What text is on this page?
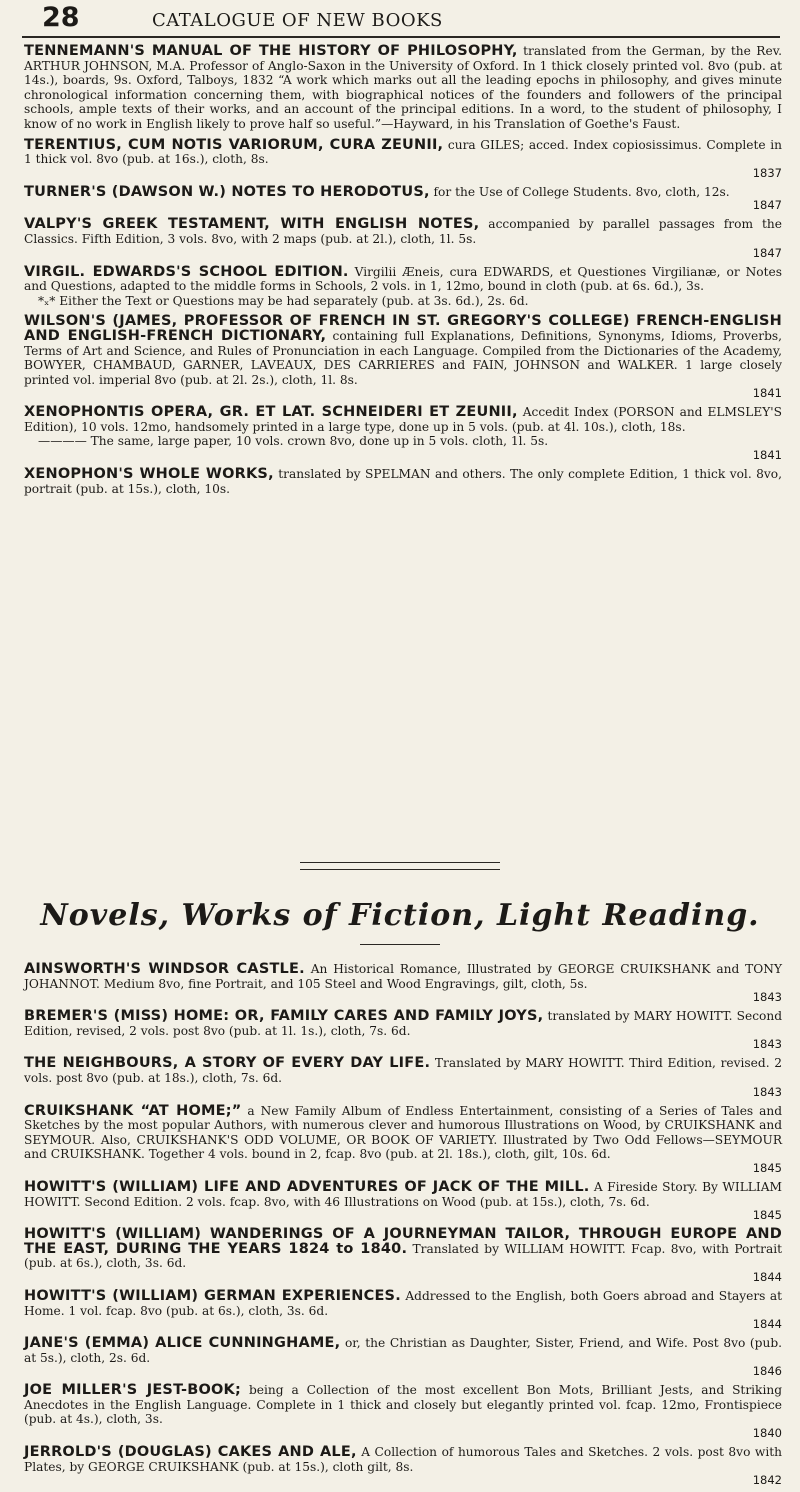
28	CATALOGUE OF NEW BOOKS

TENNEMANN'S MANUAL OF THE HISTORY OF PHILOSOPHY, translated from the German, by the Rev. ARTHUR JOHNSON, M.A. Professor of Anglo-Saxon in the University of Oxford. In 1 thick closely printed vol. 8vo (pub. at 14s.), boards, 9s. Oxford, Talboys, 1832 “A work which marks out all the leading epochs in philosophy, and gives minute chronological information concerning them, with biographical notices of the founders and followers of the principal schools, ample texts of their works, and an account of the principal editions. In a word, to the student of philosophy, I know of no work in English likely to prove half so useful.”—Hayward, in his Translation of Goethe's Faust.

TERENTIUS, CUM NOTIS VARIORUM, CURA ZEUNII, cura GILES; acced. Index copiosissimus. Complete in 1 thick vol. 8vo (pub. at 16s.), cloth, 8s.
1837

TURNER'S (DAWSON W.) NOTES TO HERODOTUS, for the Use of College Students. 8vo, cloth, 12s.
1847

VALPY'S GREEK TESTAMENT, WITH ENGLISH NOTES, accompanied by parallel passages from the Classics. Fifth Edition, 3 vols. 8vo, with 2 maps (pub. at 2l.), cloth, 1l. 5s.
1847

VIRGIL. EDWARDS'S SCHOOL EDITION. Virgilii Æneis, cura EDWARDS, et Questiones Virgilianæ, or Notes and Questions, adapted to the middle forms in Schools, 2 vols. in 1, 12mo, bound in cloth (pub. at 6s. 6d.), 3s.
*ₓ* Either the Text or Questions may be had separately (pub. at 3s. 6d.), 2s. 6d.

WILSON'S (JAMES, PROFESSOR OF FRENCH IN ST. GREGORY'S COLLEGE) FRENCH-ENGLISH AND ENGLISH-FRENCH DICTIONARY, containing full Explanations, Definitions, Synonyms, Idioms, Proverbs, Terms of Art and Science, and Rules of Pronunciation in each Language. Compiled from the Dictionaries of the Academy, BOWYER, CHAMBAUD, GARNER, LAVEAUX, DES CARRIERES and FAIN, JOHNSON and WALKER. 1 large closely printed vol. imperial 8vo (pub. at 2l. 2s.), cloth, 1l. 8s.
1841

XENOPHONTIS OPERA, GR. ET LAT. SCHNEIDERI ET ZEUNII, Accedit Index (PORSON and ELMSLEY'S Edition), 10 vols. 12mo, handsomely printed in a large type, done up in 5 vols. (pub. at 4l. 10s.), cloth, 18s.
———— The same, large paper, 10 vols. crown 8vo, done up in 5 vols. cloth, 1l. 5s.
1841

XENOPHON'S WHOLE WORKS, translated by SPELMAN and others. The only complete Edition, 1 thick vol. 8vo, portrait (pub. at 15s.), cloth, 10s.

Novels, Works of Fiction, Light Reading.

AINSWORTH'S WINDSOR CASTLE. An Historical Romance, Illustrated by GEORGE CRUIKSHANK and TONY JOHANNOT. Medium 8vo, fine Portrait, and 105 Steel and Wood Engravings, gilt, cloth, 5s.
1843

BREMER'S (MISS) HOME: OR, FAMILY CARES AND FAMILY JOYS, translated by MARY HOWITT. Second Edition, revised, 2 vols. post 8vo (pub. at 1l. 1s.), cloth, 7s. 6d.
1843

THE NEIGHBOURS, A STORY OF EVERY DAY LIFE. Translated by MARY HOWITT. Third Edition, revised. 2 vols. post 8vo (pub. at 18s.), cloth, 7s. 6d.
1843

CRUIKSHANK “AT HOME;” a New Family Album of Endless Entertainment, consisting of a Series of Tales and Sketches by the most popular Authors, with numerous clever and humorous Illustrations on Wood, by CRUIKSHANK and SEYMOUR. Also, CRUIKSHANK'S ODD VOLUME, OR BOOK OF VARIETY. Illustrated by Two Odd Fellows—SEYMOUR and CRUIKSHANK. Together 4 vols. bound in 2, fcap. 8vo (pub. at 2l. 18s.), cloth, gilt, 10s. 6d.
1845

HOWITT'S (WILLIAM) LIFE AND ADVENTURES OF JACK OF THE MILL. A Fireside Story. By WILLIAM HOWITT. Second Edition. 2 vols. fcap. 8vo, with 46 Illustrations on Wood (pub. at 15s.), cloth, 7s. 6d.
1845

HOWITT'S (WILLIAM) WANDERINGS OF A JOURNEYMAN TAILOR, THROUGH EUROPE AND THE EAST, DURING THE YEARS 1824 to 1840. Translated by WILLIAM HOWITT. Fcap. 8vo, with Portrait (pub. at 6s.), cloth, 3s. 6d.
1844

HOWITT'S (WILLIAM) GERMAN EXPERIENCES. Addressed to the English, both Goers abroad and Stayers at Home. 1 vol. fcap. 8vo (pub. at 6s.), cloth, 3s. 6d.
1844

JANE'S (EMMA) ALICE CUNNINGHAME, or, the Christian as Daughter, Sister, Friend, and Wife. Post 8vo (pub. at 5s.), cloth, 2s. 6d.
1846

JOE MILLER'S JEST-BOOK; being a Collection of the most excellent Bon Mots, Brilliant Jests, and Striking Anecdotes in the English Language. Complete in 1 thick and closely but elegantly printed vol. fcap. 12mo, Frontispiece (pub. at 4s.), cloth, 3s.
1840

JERROLD'S (DOUGLAS) CAKES AND ALE, A Collection of humorous Tales and Sketches. 2 vols. post 8vo with Plates, by GEORGE CRUIKSHANK (pub. at 15s.), cloth gilt, 8s.
1842
